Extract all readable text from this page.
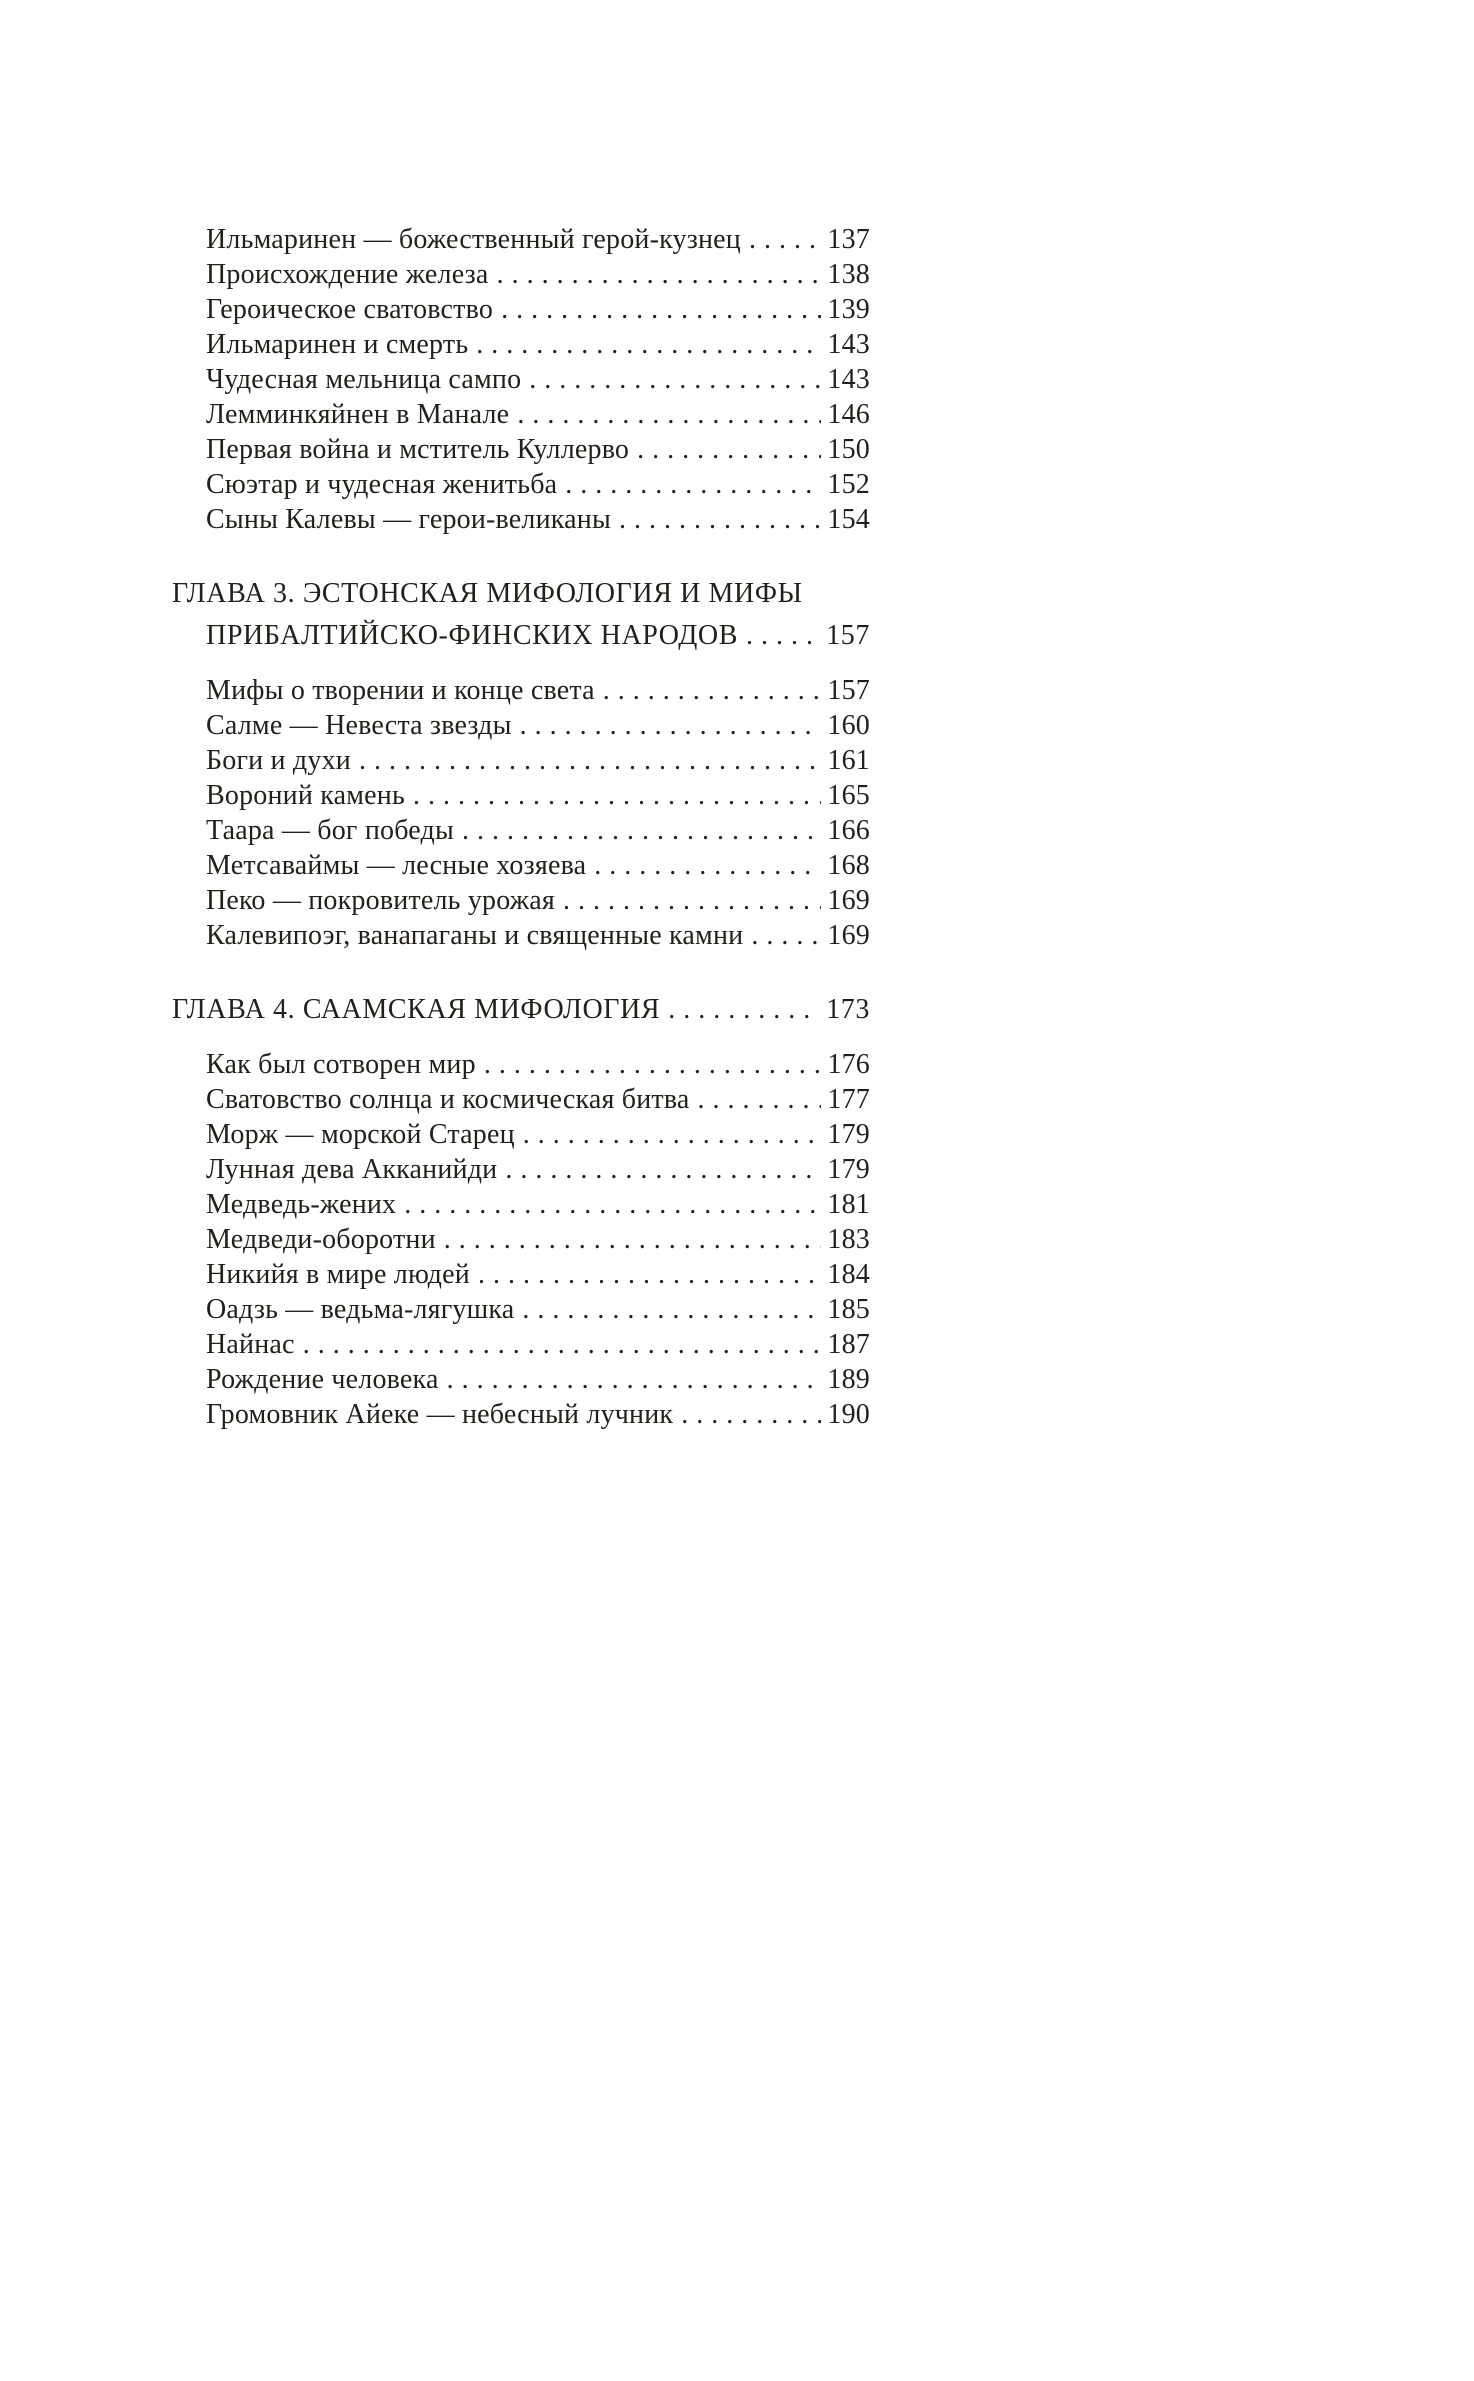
Ильмаринен — божественный герой-кузнец . . .	137
Происхождение железа . . .	138
Героическое сватовство . . .	139
Ильмаринен и смерть . . .	143
Чудесная мельница сампо . . .	143
Лемминкяйнен в Манале . . .	146
Первая война и мститель Куллерво . . .	150
Сюэтар и чудесная женитьба . . .	152
Сыны Калевы — герои-великаны . . .	154
ГЛАВА 3. ЭСТОНСКАЯ МИФОЛОГИЯ И МИФЫ
ПРИБАЛТИЙСКО-ФИНСКИХ НАРОДОВ . . .	157
Мифы о творении и конце света . . .	157
Салме — Невеста звезды . . .	160
Боги и духи . . .	161
Вороний камень . . .	165
Таара — бог победы . . .	166
Метсаваймы — лесные хозяева . . .	168
Пеко — покровитель урожая . . .	169
Калевипоэг, ванапаганы и священные камни . . .	169
ГЛАВА 4. СААМСКАЯ МИФОЛОГИЯ . . .	173
Как был сотворен мир . . .	176
Сватовство солнца и космическая битва . . .	177
Морж — морской Старец . . .	179
Лунная дева Акканийди . . .	179
Медведь-жених . . .	181
Медведи-оборотни . . .	183
Никийя в мире людей . . .	184
Оадзь — ведьма-лягушка . . .	185
Найнас . . .	187
Рождение человека . . .	189
Громовник Айеке — небесный лучник . . .	190
